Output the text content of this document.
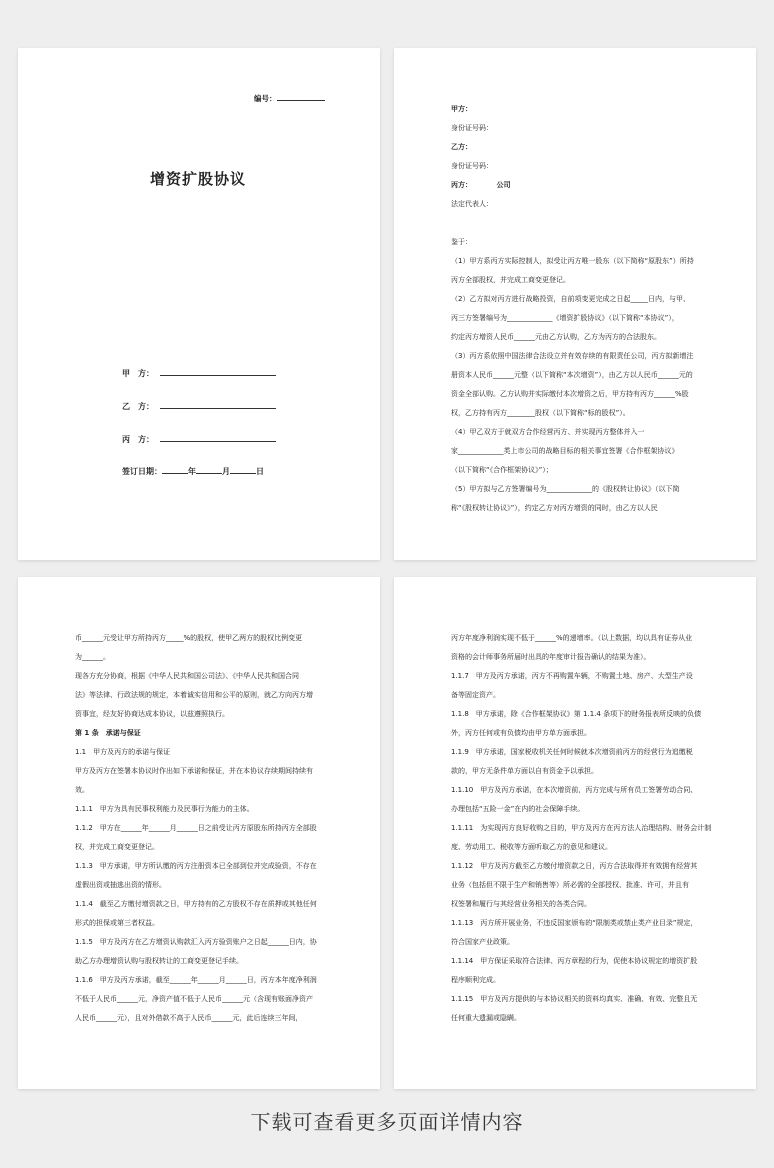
编号：
增资扩股协议
甲　方：
乙　方：
丙　方：
签订日期：	年	月	日
甲方：
身份证号码：
乙方：
身份证号码：
丙方：　　　　公司
法定代表人：

鉴于：
（1）甲方系丙方实际控制人，拟受让丙方唯一股东（以下简称“原股东”）所持
丙方全部股权，并完成工商变更登记。
（2）乙方拟对丙方进行战略投资，自前项变更完成之日起_____日内，与甲、
丙三方签署编号为_____________《增资扩股协议》（以下简称“本协议”），
约定丙方增资人民币______元由乙方认购，乙方为丙方的合法股东。
（3）丙方系依照中国法律合法设立并有效存续的有限责任公司，丙方拟新增注
册资本人民币______元整（以下简称“本次增资”），由乙方以人民币______元的
资金全部认购。乙方认购并实际缴付本次增资之后，甲方持有丙方______%股
权，乙方持有丙方________股权（以下简称“标的股权”）。
（4）甲乙双方于就双方合作经营丙方、并实现丙方整体并入一
家_____________类上市公司的战略目标的相关事宜签署《合作框架协议》
（以下简称“《合作框架协议》”）；
（5）甲方拟与乙方签署编号为_____________的《股权转让协议》（以下简
称“《股权转让协议》”），约定乙方对丙方增资的同时，由乙方以人民
币______元受让甲方所持丙方_____%的股权，使甲乙两方的股权比例变更
为______。
现各方充分协商，根据《中华人民共和国公司法》、《中华人民共和国合同
法》等法律、行政法规的规定，本着诚实信用和公平的原则，就乙方向丙方增
资事宜，经友好协商达成本协议，以兹遵照执行。
第 1 条　承诺与保证
1.1　甲方及丙方的承诺与保证
甲方及丙方在签署本协议时作出如下承诺和保证，并在本协议存续期间持续有
效。
1.1.1　甲方为具有民事权利能力及民事行为能力的主体。
1.1.2　甲方在______年______月______日之前受让丙方原股东所持丙方全部股
权，并完成工商变更登记。
1.1.3　甲方承诺，甲方所认缴的丙方注册资本已全部到位并完成验资，不存在
虚假出资或抽逃出资的情形。
1.1.4　截至乙方缴付增资款之日，甲方持有的乙方股权不存在质押或其他任何
形式的担保或第三者权益。
1.1.5　甲方及丙方在乙方增资认购款汇入丙方验资账户之日起______日内，协
助乙方办理增资认购与股权转让的工商变更登记手续。
1.1.6　甲方及丙方承诺，截至______年______月______日，丙方本年度净利润
不低于人民币______元，净资产值不低于人民币______元（含现有账面净资产
人民币______元），且对外借款不高于人民币______元，此后连续三年间，
丙方年度净利润实现不低于______%的递增率。（以上数据，均以具有证券从业
资格的会计师事务所届时出具的年度审计报告确认的结果为准）。
1.1.7　甲方及丙方承诺，丙方不再购置车辆，不购置土地、房产、大型生产设
备等固定资产。
1.1.8　甲方承诺，除《合作框架协议》第 1.1.4 条项下的财务报表所反映的负债
外，丙方任何或有负债均由甲方单方面承担。
1.1.9　甲方承诺，国家税收机关任何时候就本次增资前丙方的经营行为追缴税
款的，甲方无条件单方面以自有资金予以承担。
1.1.10　甲方及丙方承诺，在本次增资前，丙方完成与所有员工签署劳动合同、
办理包括“五险一金”在内的社会保障手续。
1.1.11　为实现丙方良好收购之目的，甲方及丙方在丙方法人治理结构、财务会计制
度、劳动用工、税收等方面听取乙方的意见和建议。
1.1.12　甲方及丙方截至乙方缴付增资款之日，丙方合法取得并有效拥有经营其
业务（包括但不限于生产和销售等）所必需的全部授权、批准、许可，并且有
权签署和履行与其经营业务相关的各类合同。
1.1.13　丙方所开展业务，不违反国家颁布的“限制类或禁止类产业目录”规定，
符合国家产业政策。
1.1.14　甲方保证采取符合法律、丙方章程的行为，促使本协议规定的增资扩股
程序顺利完成。
1.1.15　甲方及丙方提供的与本协议相关的资料均真实、准确、有效、完整且无
任何重大遗漏或隐瞒。
下载可查看更多页面详情内容
